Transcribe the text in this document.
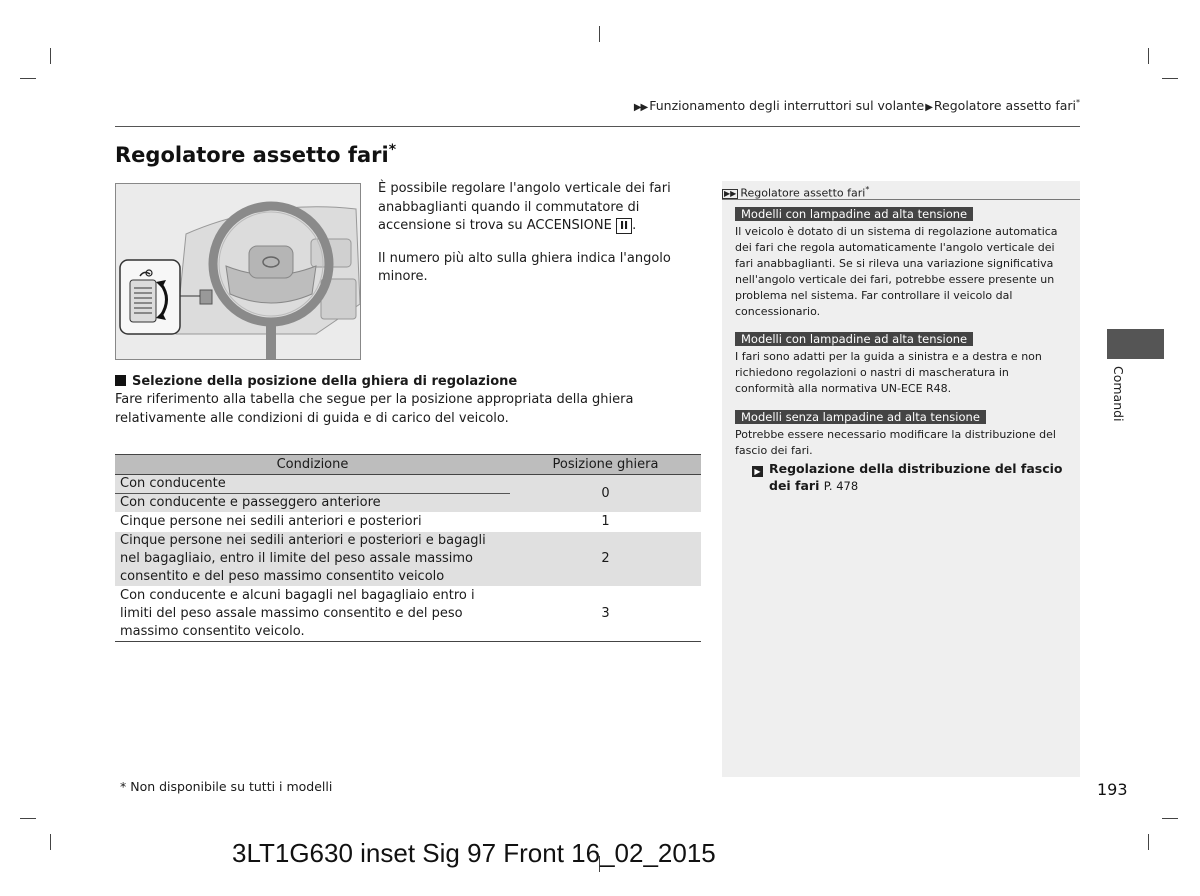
▶▶ Funzionamento degli interruttori sul volante▶Regolatore assetto fari*
Regolatore assetto fari*

È possibile regolare l'angolo verticale dei fari anabbaglianti quando il commutatore di accensione si trova su ACCENSIONE II .

Il numero più alto sulla ghiera indica l'angolo minore.

Selezione della posizione della ghiera di regolazione
Fare riferimento alla tabella che segue per la posizione appropriata della ghiera relativamente alle condizioni di guida e di carico del veicolo.
Condizione	Posizione ghiera
Con conducente	0
Con conducente e passeggero anteriore	
Cinque persone nei sedili anteriori e posteriori	1
Cinque persone nei sedili anteriori e posteriori e bagagli nel bagagliaio, entro il limite del peso assale massimo consentito e del peso massimo consentito veicolo	2
Con conducente e alcuni bagagli nel bagagliaio entro i limiti del peso assale massimo consentito e del peso massimo consentito veicolo.	3
▶▶ Regolatore assetto fari*
Modelli con lampadine ad alta tensione
Il veicolo è dotato di un sistema di regolazione automatica dei fari che regola automaticamente l'angolo verticale dei fari anabbaglianti. Se si rileva una variazione significativa nell'angolo verticale dei fari, potrebbe essere presente un problema nel sistema. Far controllare il veicolo dal concessionario.
Modelli con lampadine ad alta tensione
I fari sono adatti per la guida a sinistra e a destra e non richiedono regolazioni o nastri di mascheratura in conformità alla normativa UN-ECE R48.
Modelli senza lampadine ad alta tensione
Potrebbe essere necessario modificare la distribuzione del fascio dei fari.
▶ Regolazione della distribuzione del fascio dei fari P. 478
Comandi
* Non disponibile su tutti i modelli	193
3LT1G630 inset Sig 97 Front 16_02_2015
